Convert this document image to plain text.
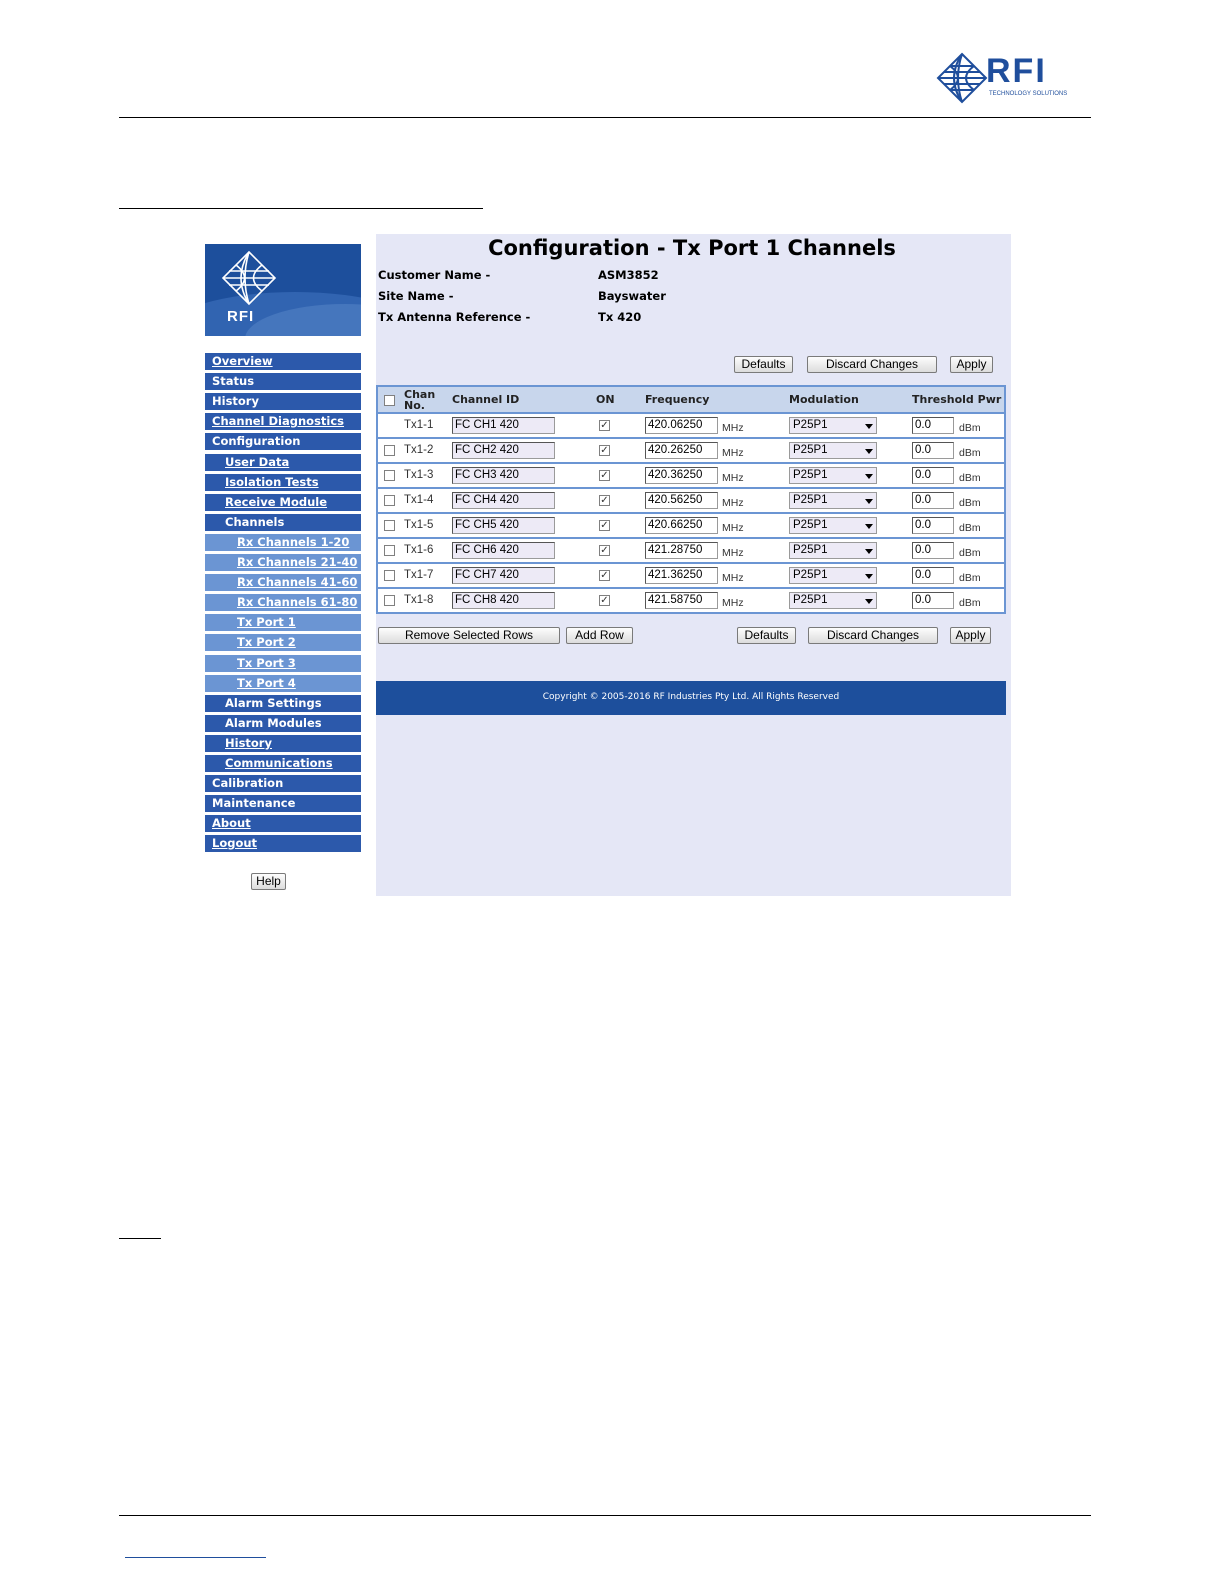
RFI
TECHNOLOGY SOLUTIONS
RFI
Help
Configuration - Tx Port 1 Channels
Customer Name -	ASM3852
Site Name -	Bayswater
Tx Antenna Reference -	Tx 420
Defaults	Discard Changes	Apply
Chan
No. Channel ID	ON	Frequency	Modulation	Threshold Pwr
Tx1-1 FC CH1 420	✓	420.06250	MHz	P25P1	0.0	dBm
Tx1-2 FC CH2 420	✓	420.26250	MHz	P25P1	0.0	dBm
Tx1-3 FC CH3 420	✓	420.36250	MHz	P25P1	0.0	dBm
Tx1-4 FC CH4 420	✓	420.56250	MHz	P25P1	0.0	dBm
Tx1-5 FC CH5 420	✓	420.66250	MHz	P25P1	0.0	dBm
Tx1-6 FC CH6 420	✓	421.28750	MHz	P25P1	0.0	dBm
Tx1-7 FC CH7 420	✓	421.36250	MHz	P25P1	0.0	dBm
Tx1-8 FC CH8 420	✓	421.58750	MHz	P25P1	0.0	dBm
Remove Selected Rows	Add Row	Defaults	Discard Changes	Apply
Copyright © 2005-2016 RF Industries Pty Ltd. All Rights Reserved
Overview
Status
History
Channel Diagnostics
Configuration
User Data
Isolation Tests
Receive Module
Channels
Rx Channels 1-20
Rx Channels 21-40
Rx Channels 41-60
Rx Channels 61-80
Tx Port 1
Tx Port 2
Tx Port 3
Tx Port 4
Alarm Settings
Alarm Modules
History
Communications
Calibration
Maintenance
About
Logout
